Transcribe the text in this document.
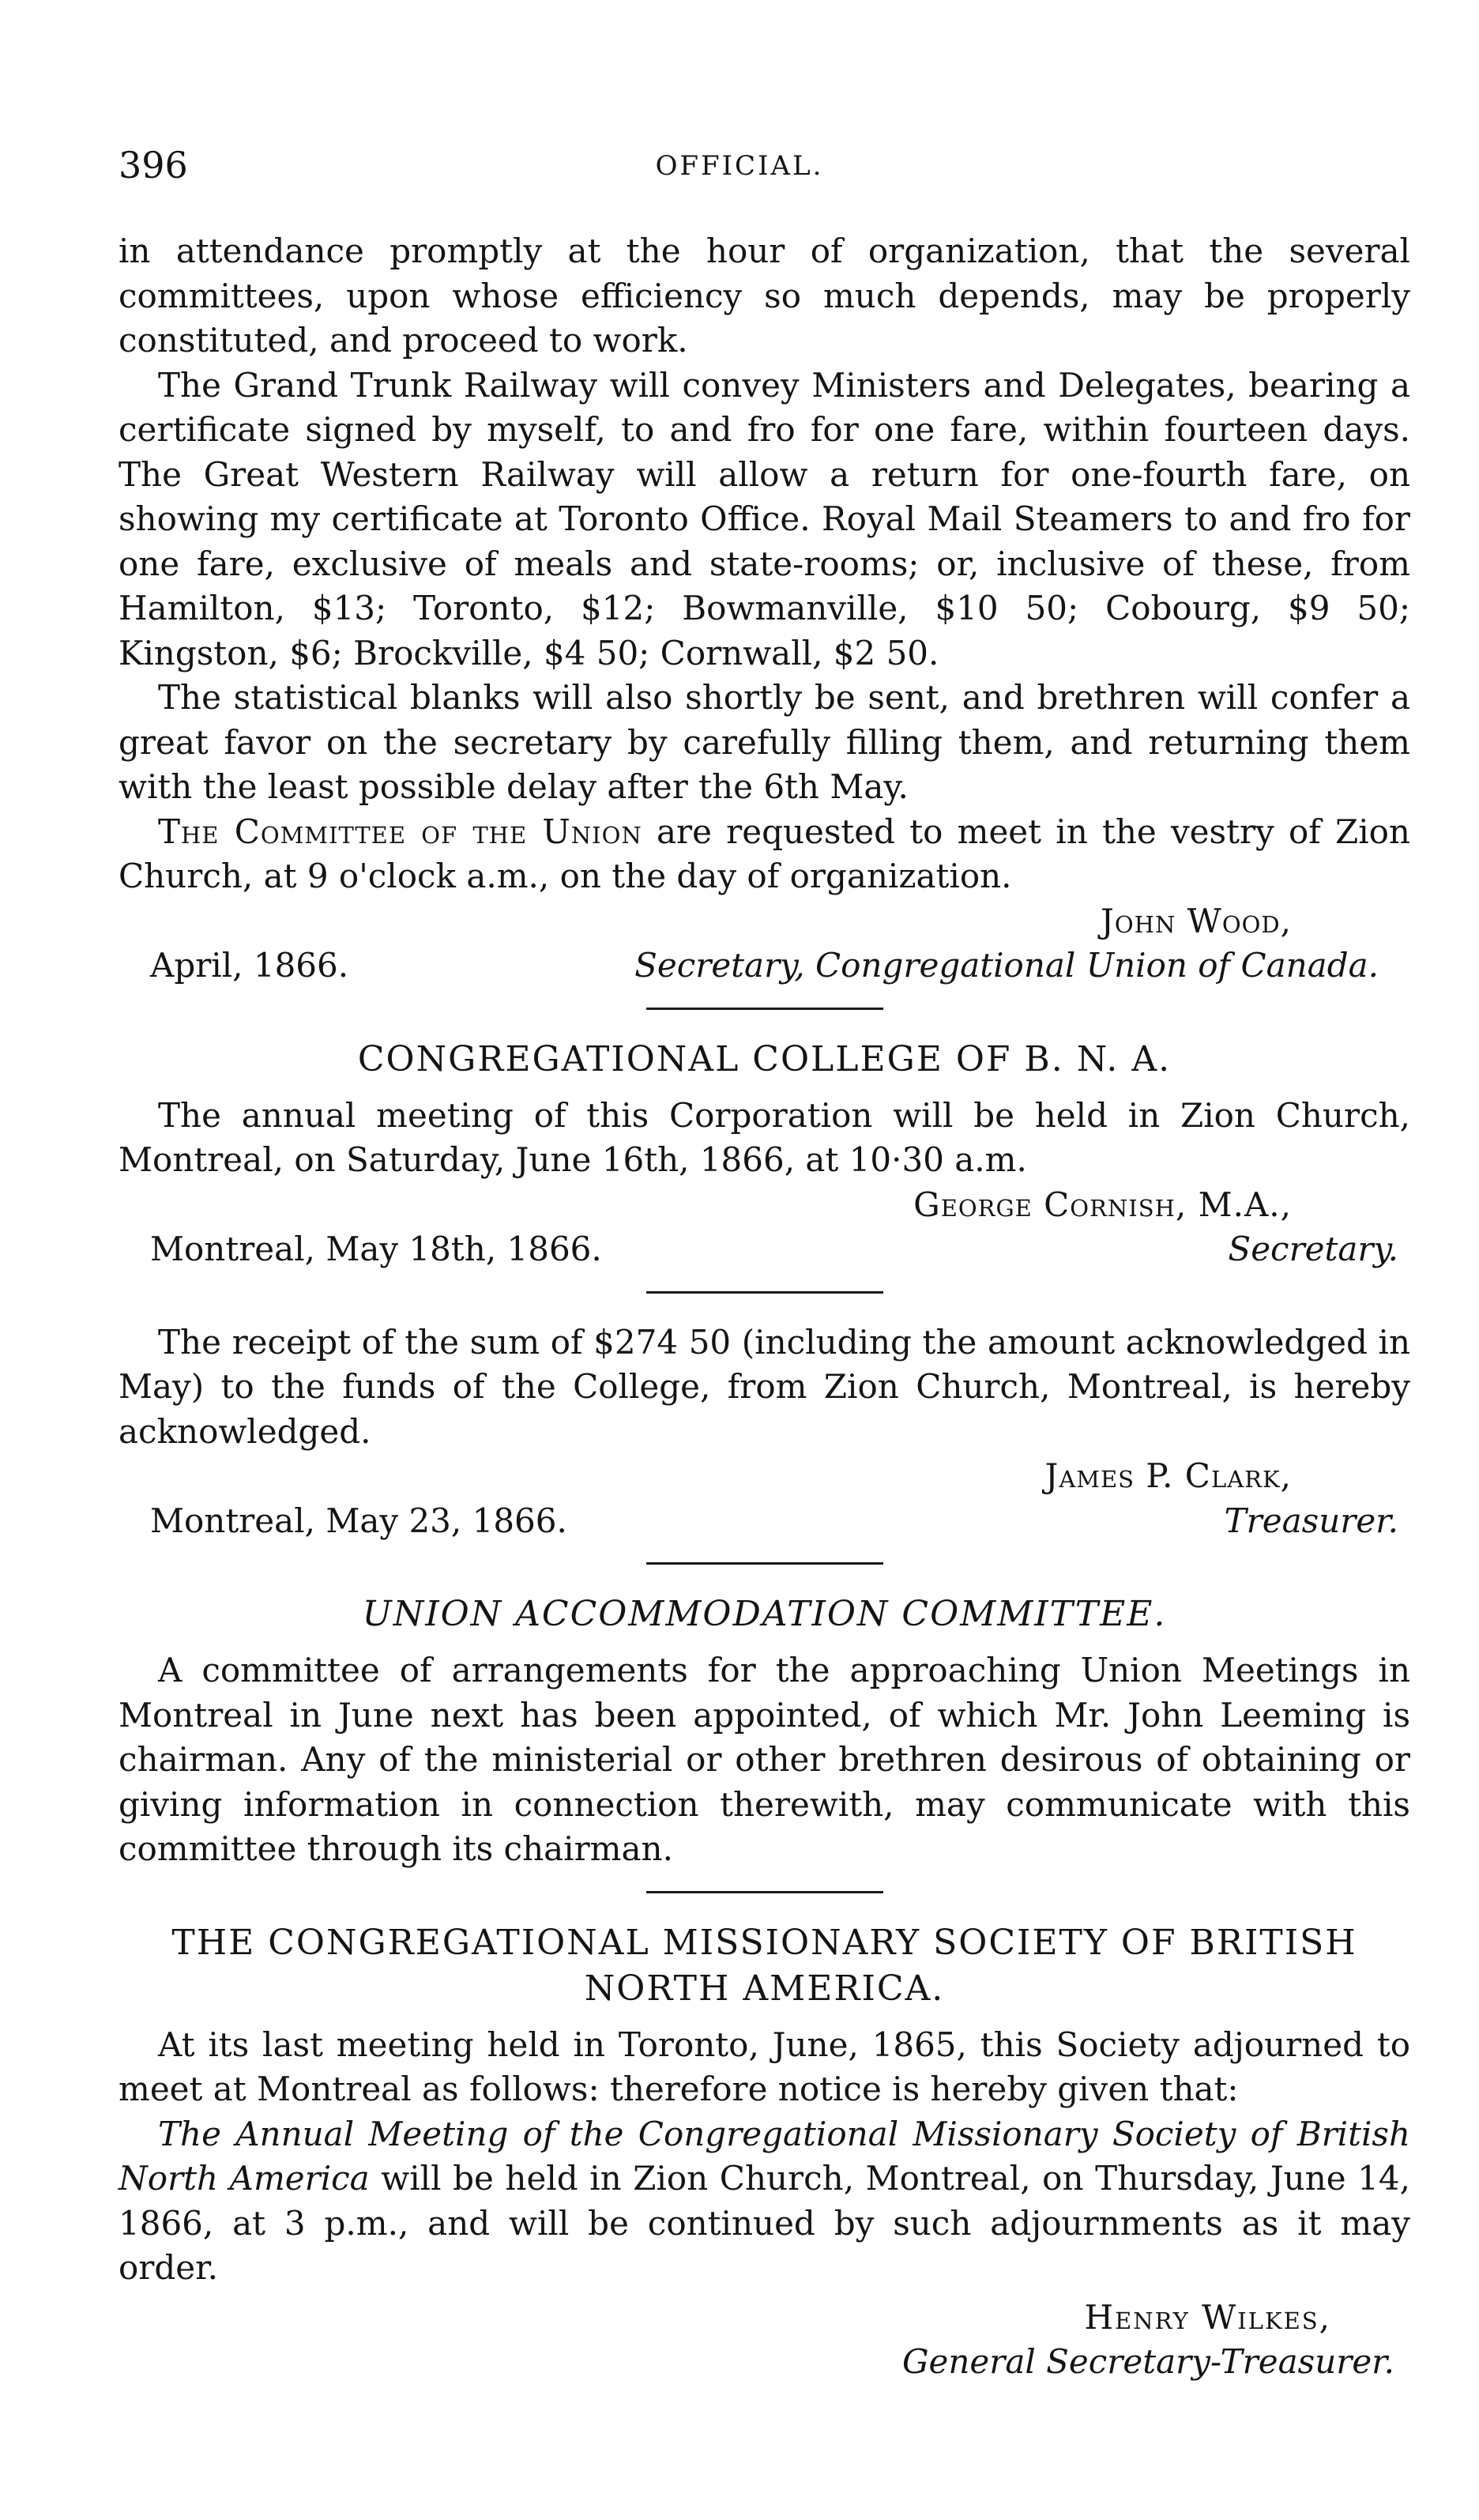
396	OFFICIAL.

in attendance promptly at the hour of organization, that the several committees, upon whose efficiency so much depends, may be properly constituted, and proceed to work.

The Grand Trunk Railway will convey Ministers and Delegates, bearing a certificate signed by myself, to and fro for one fare, within fourteen days. The Great Western Railway will allow a return for one-fourth fare, on showing my certificate at Toronto Office. Royal Mail Steamers to and fro for one fare, exclusive of meals and state-rooms; or, inclusive of these, from Hamilton, $13; Toronto, $12; Bowmanville, $10 50; Cobourg, $9 50; Kingston, $6; Brockville, $4 50; Cornwall, $2 50.

The statistical blanks will also shortly be sent, and brethren will confer a great favor on the secretary by carefully filling them, and returning them with the least possible delay after the 6th May.

The Committee of the Union are requested to meet in the vestry of Zion Church, at 9 o'clock a.m., on the day of organization.

John Wood,
April, 1866.	Secretary, Congregational Union of Canada.
CONGREGATIONAL COLLEGE OF B. N. A.

The annual meeting of this Corporation will be held in Zion Church, Montreal, on Saturday, June 16th, 1866, at 10·30 a.m.

George Cornish, M.A.,
Montreal, May 18th, 1866.	Secretary.

The receipt of the sum of $274 50 (including the amount acknowledged in May) to the funds of the College, from Zion Church, Montreal, is hereby acknowledged.

James P. Clark,
Montreal, May 23, 1866.	Treasurer.
UNION ACCOMMODATION COMMITTEE.

A committee of arrangements for the approaching Union Meetings in Montreal in June next has been appointed, of which Mr. John Leeming is chairman. Any of the ministerial or other brethren desirous of obtaining or giving information in connection therewith, may communicate with this committee through its chairman.

THE CONGREGATIONAL MISSIONARY SOCIETY OF BRITISH NORTH AMERICA.

At its last meeting held in Toronto, June, 1865, this Society adjourned to meet at Montreal as follows: therefore notice is hereby given that:

The Annual Meeting of the Congregational Missionary Society of British North America will be held in Zion Church, Montreal, on Thursday, June 14, 1866, at 3 p.m., and will be continued by such adjournments as it may order.

Henry Wilkes,
General Secretary-Treasurer.
